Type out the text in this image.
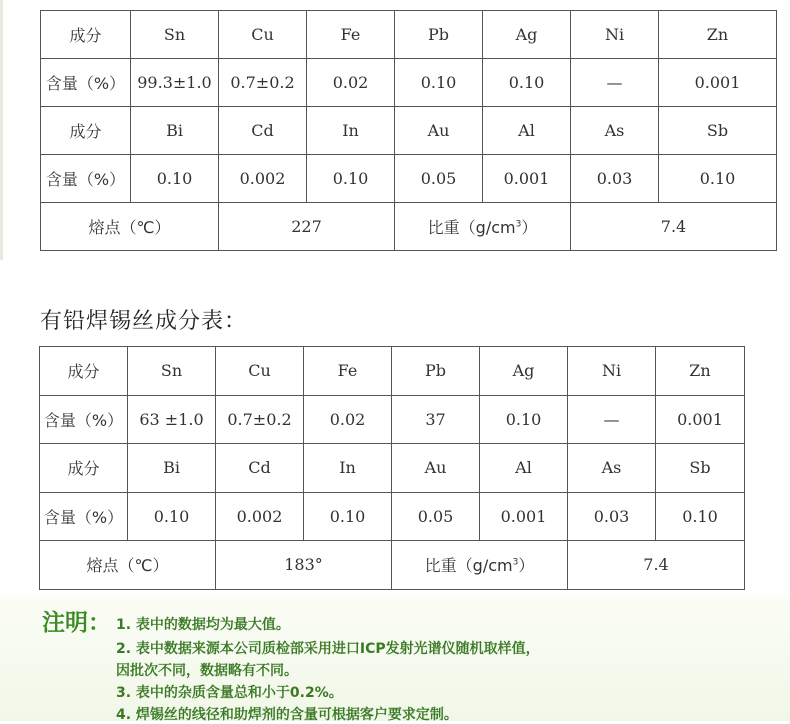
成分	Sn	Cu	Fe	Pb	Ag	Ni	Zn
含量（%）	99.3±1.0	0.7±0.2	0.02	0.10	0.10	—	0.001
成分	Bi	Cd	In	Au	Al	As	Sb
含量（%）	0.10	0.002	0.10	0.05	0.001	0.03	0.10
熔点（℃）		227		比重$(g/cm^3)$		7.4	
有铅焊锡丝成分表：
成分	Sn	Cu	Fe	Pb	Ag	Ni	Zn
含量（%）	63 ±1.0	0.7±0.2	0.02	37	0.10	—	0.001
成分	Bi	Cd	In	Au	Al	As	Sb
含量（%）	0.10	0.002	0.10	0.05	0.001	0.03	0.10
熔点（℃）		183°		比重$(g/cm^3)$		7.4	
注明： 1. 表中的数据均为最大值。
2. 表中数据来源本公司质检部采用进口ICP发射光谱仪随机取样值，
因批次不同，数据略有不同。
3. 表中的杂质含量总和小于0.2%。
4. 焊锡丝的线径和助焊剂的含量可根据客户要求定制。
